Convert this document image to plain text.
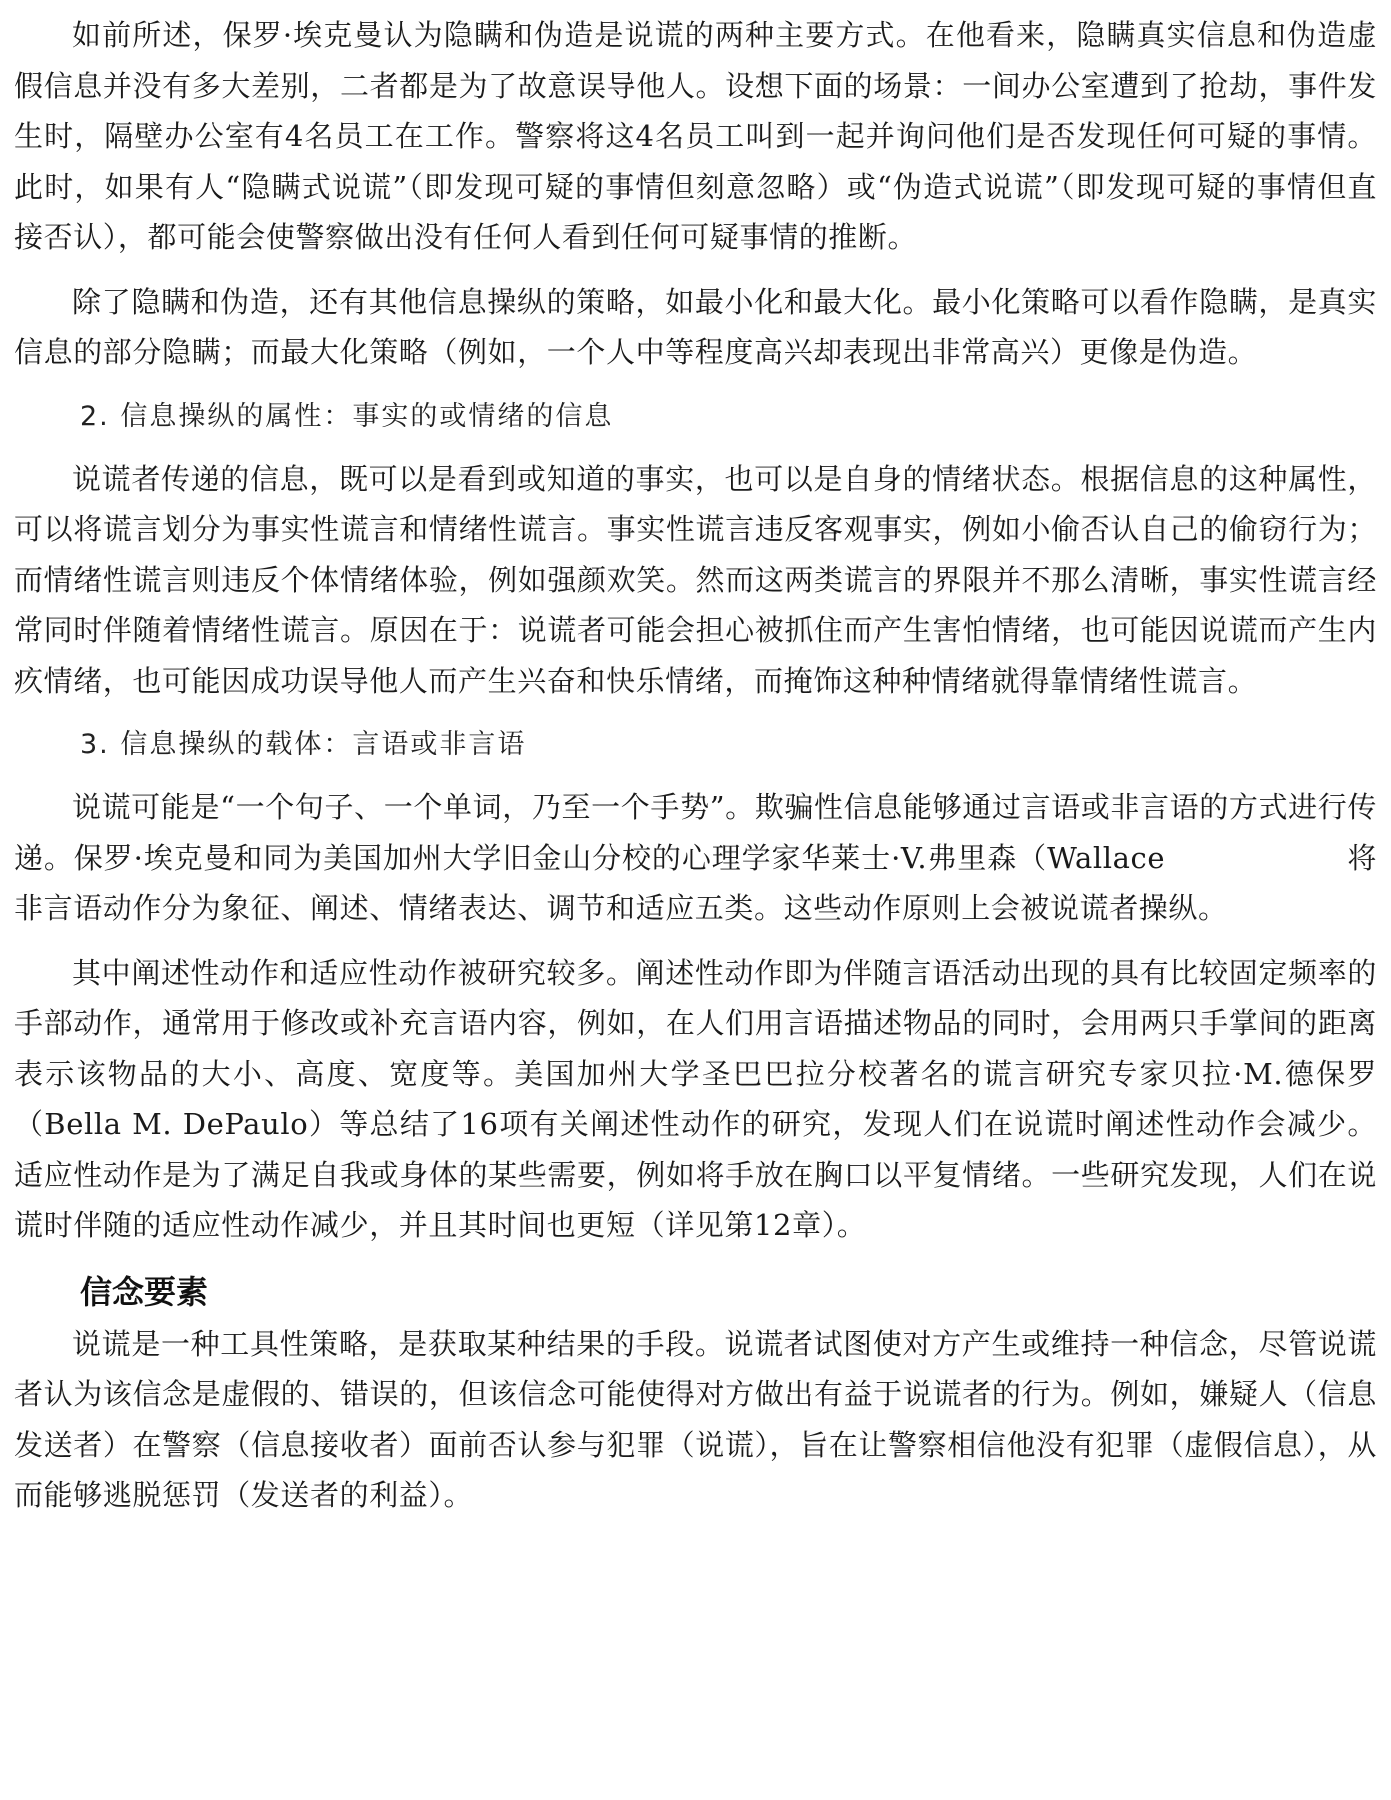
如前所述，保罗·埃克曼认为隐瞒和伪造是说谎的两种主要方式。在他看来，隐瞒真实信息和伪造虚假信息并没有多大差别，二者都是为了故意误导他人。设想下面的场景：一间办公室遭到了抢劫，事件发生时，隔壁办公室有4名员工在工作。警察将这4名员工叫到一起并询问他们是否发现任何可疑的事情。此时，如果有人“隐瞒式说谎”（即发现可疑的事情但刻意忽略）或“伪造式说谎”（即发现可疑的事情但直接否认），都可能会使警察做出没有任何人看到任何可疑事情的推断。

除了隐瞒和伪造，还有其他信息操纵的策略，如最小化和最大化。最小化策略可以看作隐瞒，是真实信息的部分隐瞒；而最大化策略（例如，一个人中等程度高兴却表现出非常高兴）更像是伪造。

2. 信息操纵的属性：事实的或情绪的信息

说谎者传递的信息，既可以是看到或知道的事实，也可以是自身的情绪状态。根据信息的这种属性，可以将谎言划分为事实性谎言和情绪性谎言。事实性谎言违反客观事实，例如小偷否认自己的偷窃行为；而情绪性谎言则违反个体情绪体验，例如强颜欢笑。然而这两类谎言的界限并不那么清晰，事实性谎言经常同时伴随着情绪性谎言。原因在于：说谎者可能会担心被抓住而产生害怕情绪，也可能因说谎而产生内疚情绪，也可能因成功误导他人而产生兴奋和快乐情绪，而掩饰这种种情绪就得靠情绪性谎言。

3. 信息操纵的载体：言语或非言语

说谎可能是“一个句子、一个单词，乃至一个手势”。欺骗性信息能够通过言语或非言语的方式进行传递。保罗·埃克曼和同为美国加州大学旧金山分校的心理学家华莱士·V.弗里森（Wallace	将非言语动作分为象征、阐述、情绪表达、调节和适应五类。这些动作原则上会被说谎者操纵。

其中阐述性动作和适应性动作被研究较多。阐述性动作即为伴随言语活动出现的具有比较固定频率的手部动作，通常用于修改或补充言语内容，例如，在人们用言语描述物品的同时，会用两只手掌间的距离表示该物品的大小、高度、宽度等。美国加州大学圣巴巴拉分校著名的谎言研究专家贝拉·M.德保罗（Bella M. DePaulo）等总结了16项有关阐述性动作的研究，发现人们在说谎时阐述性动作会减少。适应性动作是为了满足自我或身体的某些需要，例如将手放在胸口以平复情绪。一些研究发现，人们在说谎时伴随的适应性动作减少，并且其时间也更短（详见第12章）。

信念要素

说谎是一种工具性策略，是获取某种结果的手段。说谎者试图使对方产生或维持一种信念，尽管说谎者认为该信念是虚假的、错误的，但该信念可能使得对方做出有益于说谎者的行为。例如，嫌疑人（信息发送者）在警察（信息接收者）面前否认参与犯罪（说谎），旨在让警察相信他没有犯罪（虚假信息），从而能够逃脱惩罚（发送者的利益）。
